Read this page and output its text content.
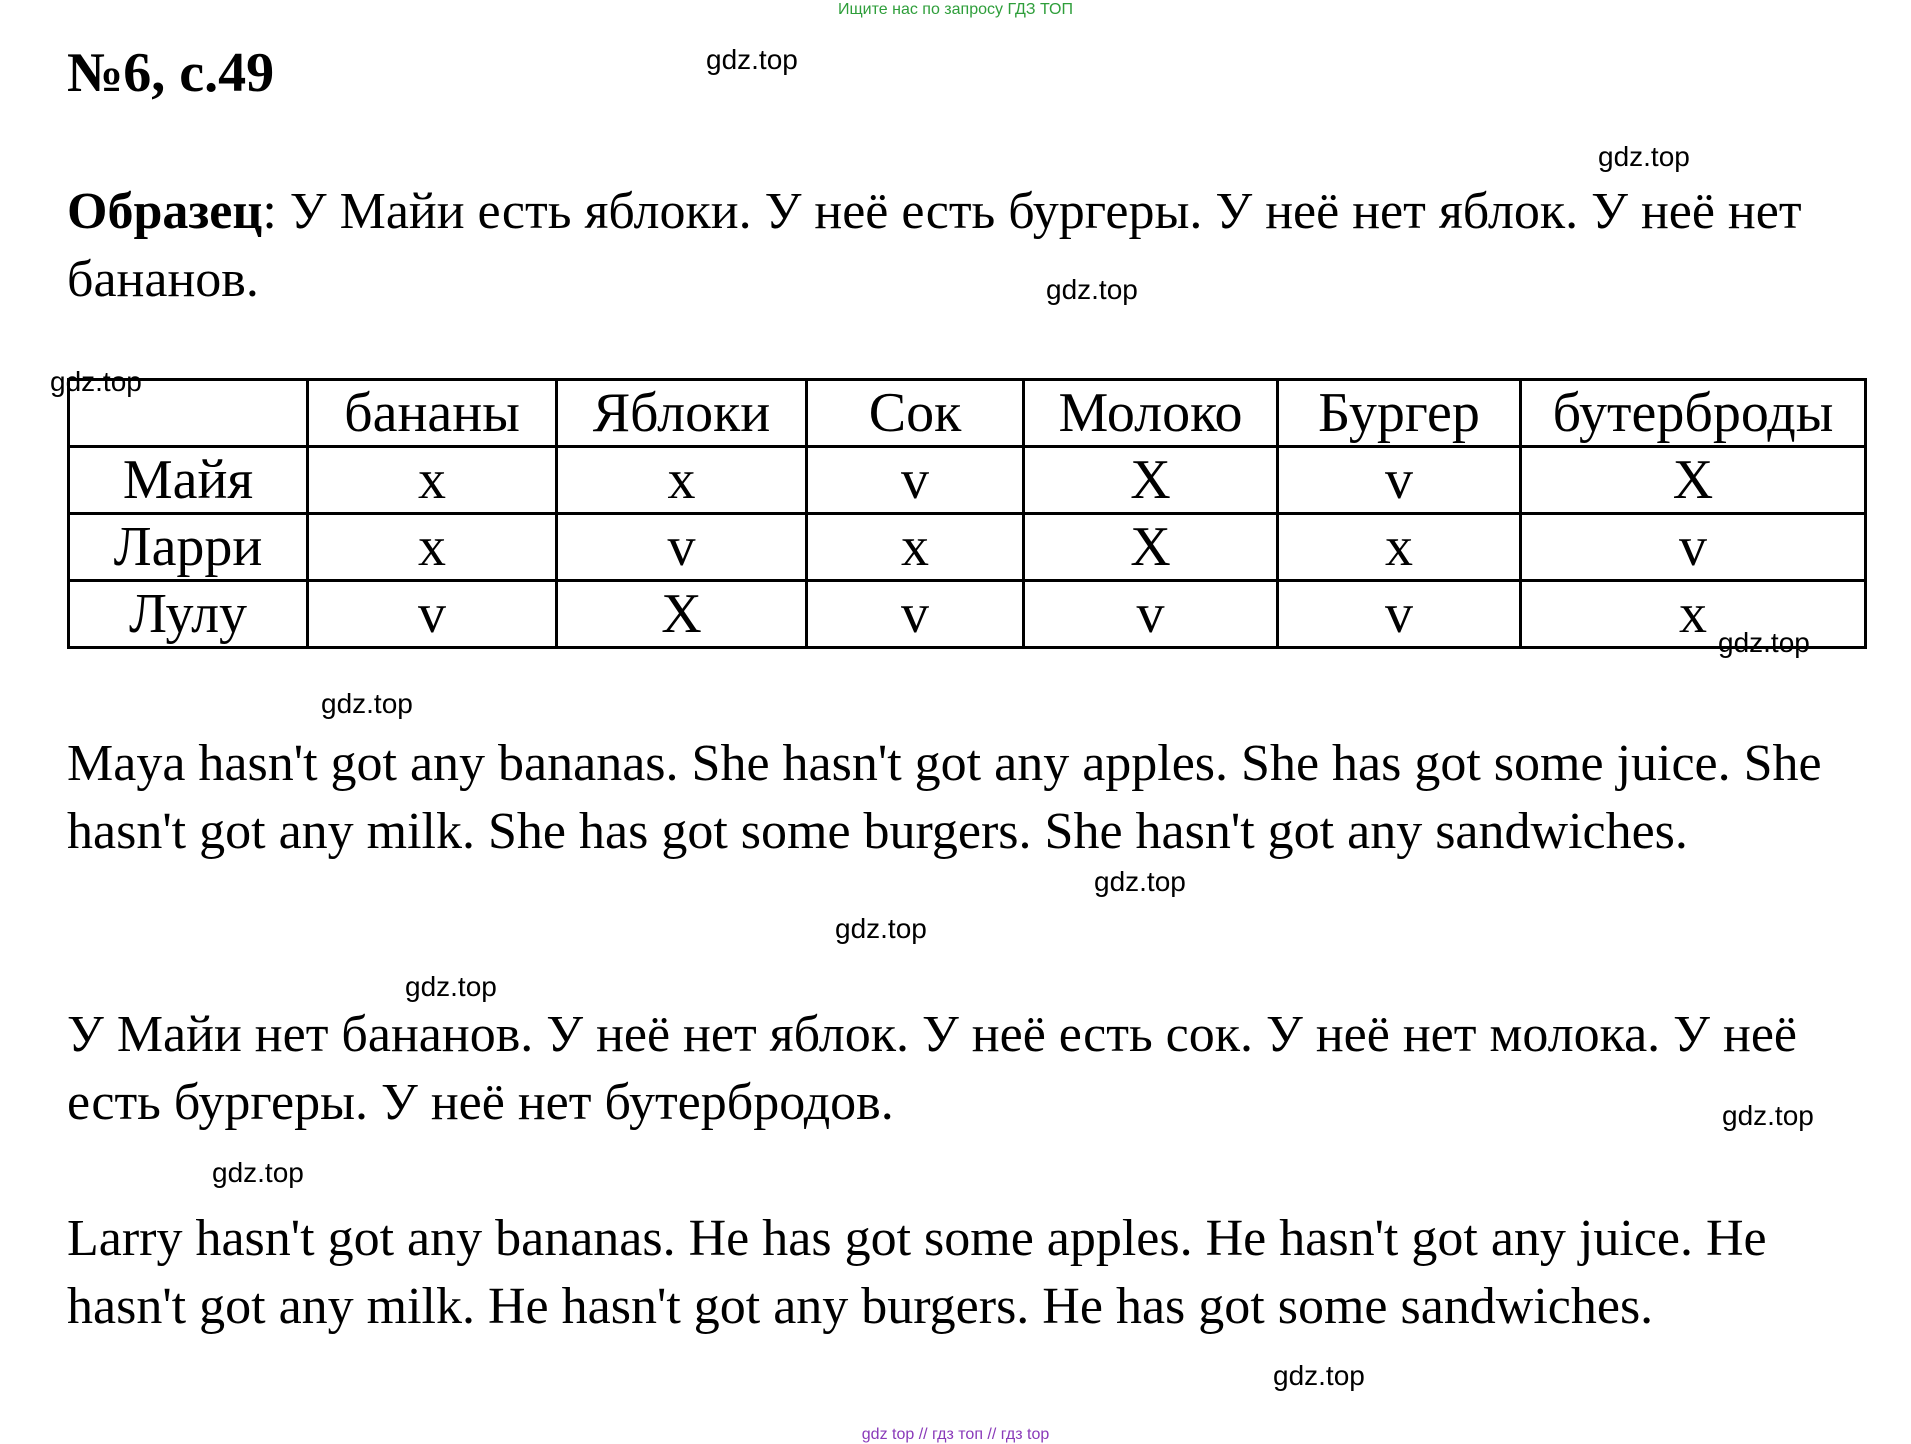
Ищите нас по запросу ГДЗ ТОП
№6, с.49	gdz.top
gdz.top
gdz.top
gdz.top
gdz.top
gdz.top
gdz.top
gdz.top
gdz.top
gdz.top
gdz.top
gdz.top

Образец: У Майи есть яблоки. У неё есть бургеры. У неё нет яблок. У неё нет бананов.

	бананы	Яблоки	Сок	Молоко	Бургер	бутерброды
Майя	x	x	v	X	v	X
Ларри	x	v	x	X	x	v
Лулу	v	X	v	v	v	x

Maya hasn't got any bananas. She hasn't got any apples. She has got some juice. She hasn't got any milk. She has got some burgers. She hasn't got any sandwiches.

У Майи нет бананов. У неё нет яблок. У неё есть сок. У неё нет молока. У неё есть бургеры. У неё нет бутербродов.

Larry hasn't got any bananas. He has got some apples. He hasn't got any juice. He hasn't got any milk. He hasn't got any burgers. He has got some sandwiches.

gdz top // гдз топ // гдз top
